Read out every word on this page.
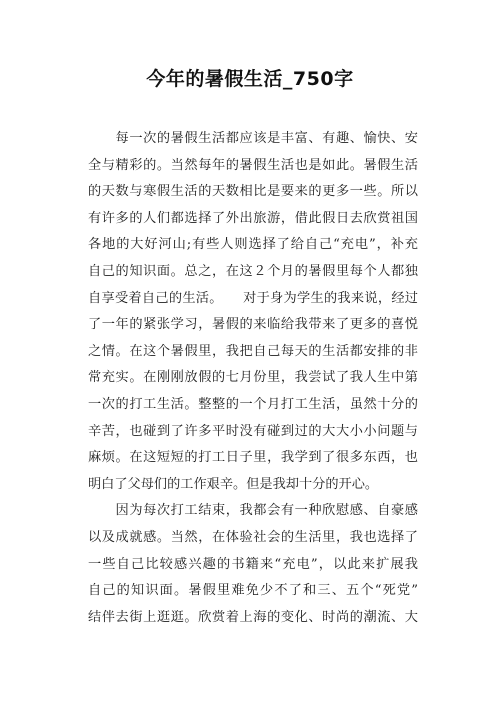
今年的暑假生活_750字
　　每一次的暑假生活都应该是丰富、有趣、愉快、安
全与精彩的。当然每年的暑假生活也是如此。暑假生活
的天数与寒假生活的天数相比是要来的更多一些。所以
有许多的人们都选择了外出旅游，借此假日去欣赏祖国
各地的大好河山;有些人则选择了给自己“充电”，补充
自己的知识面。总之，在这２个月的暑假里每个人都独
自享受着自己的生活。　　对于身为学生的我来说，经过
了一年的紧张学习，暑假的来临给我带来了更多的喜悦
之情。在这个暑假里，我把自己每天的生活都安排的非
常充实。在刚刚放假的七月份里，我尝试了我人生中第
一次的打工生活。整整的一个月打工生活，虽然十分的
辛苦，也碰到了许多平时没有碰到过的大大小小问题与
麻烦。在这短短的打工日子里，我学到了很多东西，也
明白了父母们的工作艰辛。但是我却十分的开心。
　　因为每次打工结束，我都会有一种欣慰感、自豪感
以及成就感。当然，在体验社会的生活里，我也选择了
一些自己比较感兴趣的书籍来“充电”，以此来扩展我
自己的知识面。暑假里难免少不了和三、五个“死党”
结伴去街上逛逛。欣赏着上海的变化、时尚的潮流、大
